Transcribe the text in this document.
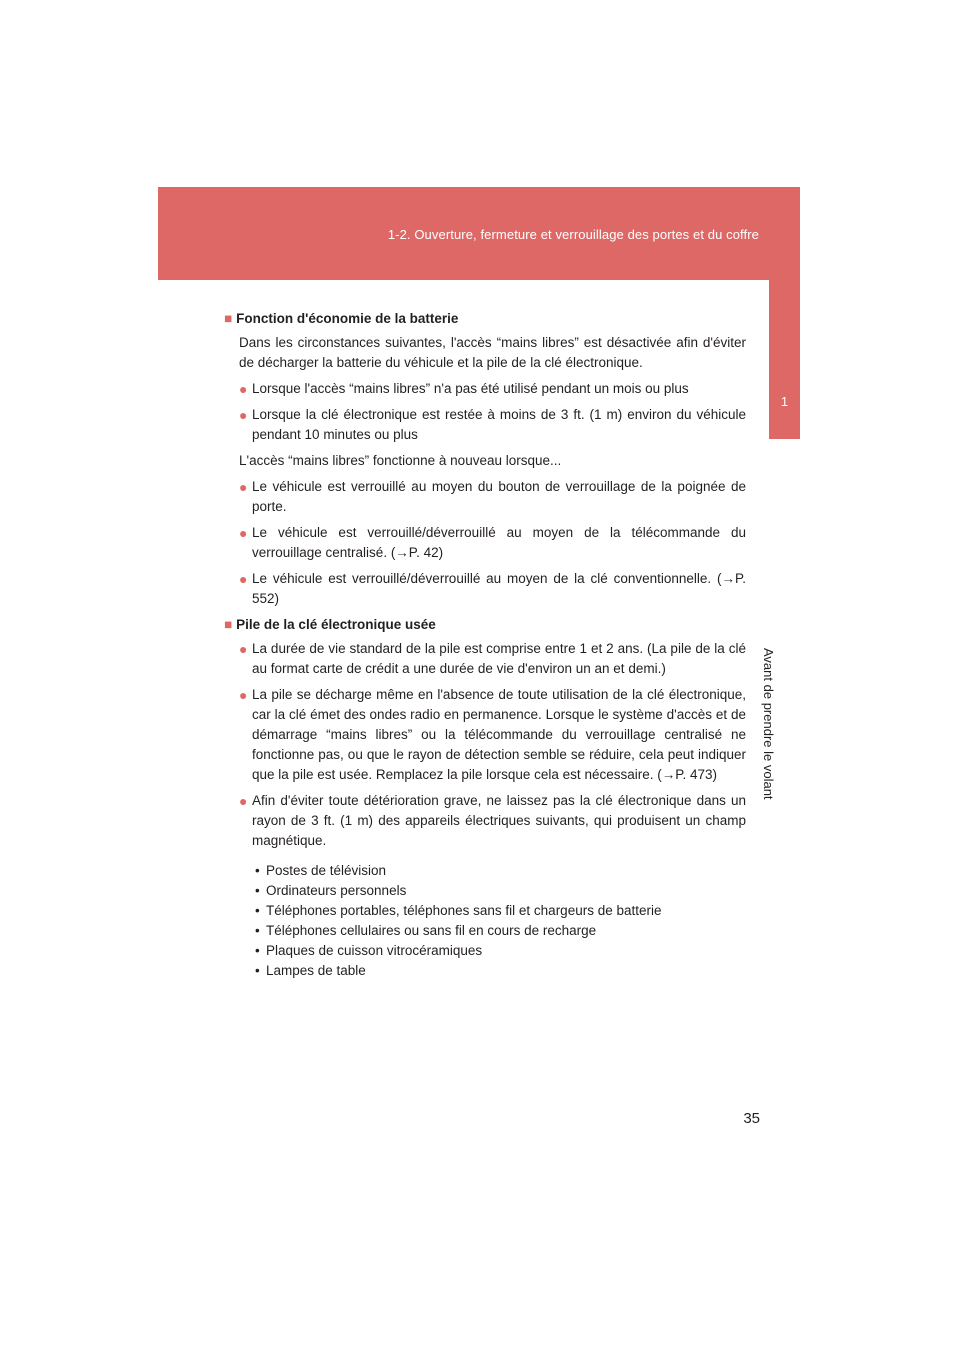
1-2. Ouverture, fermeture et verrouillage des portes et du coffre
1
Avant de prendre le volant

■ Fonction d'économie de la batterie

Dans les circonstances suivantes, l'accès “mains libres” est désactivée afin d'éviter de décharger la batterie du véhicule et la pile de la clé électronique.

● Lorsque l'accès “mains libres” n'a pas été utilisé pendant un mois ou plus
● Lorsque la clé électronique est restée à moins de 3 ft. (1 m) environ du véhicule pendant 10 minutes ou plus

L'accès “mains libres” fonctionne à nouveau lorsque...

● Le véhicule est verrouillé au moyen du bouton de verrouillage de la poignée de porte.
● Le véhicule est verrouillé/déverrouillé au moyen de la télécommande du verrouillage centralisé. (→P. 42)
● Le véhicule est verrouillé/déverrouillé au moyen de la clé conventionnelle. (→P. 552)

■ Pile de la clé électronique usée

● La durée de vie standard de la pile est comprise entre 1 et 2 ans. (La pile de la clé au format carte de crédit a une durée de vie d'environ un an et demi.)
● La pile se décharge même en l'absence de toute utilisation de la clé électronique, car la clé émet des ondes radio en permanence. Lorsque le système d'accès et de démarrage “mains libres” ou la télécommande du verrouillage centralisé ne fonctionne pas, ou que le rayon de détection semble se réduire, cela peut indiquer que la pile est usée. Remplacez la pile lorsque cela est nécessaire. (→P. 473)
● Afin d'éviter toute détérioration grave, ne laissez pas la clé électronique dans un rayon de 3 ft. (1 m) des appareils électriques suivants, qui produisent un champ magnétique.
• Postes de télévision
• Ordinateurs personnels
• Téléphones portables, téléphones sans fil et chargeurs de batterie
• Téléphones cellulaires ou sans fil en cours de recharge
• Plaques de cuisson vitrocéramiques
• Lampes de table
35
